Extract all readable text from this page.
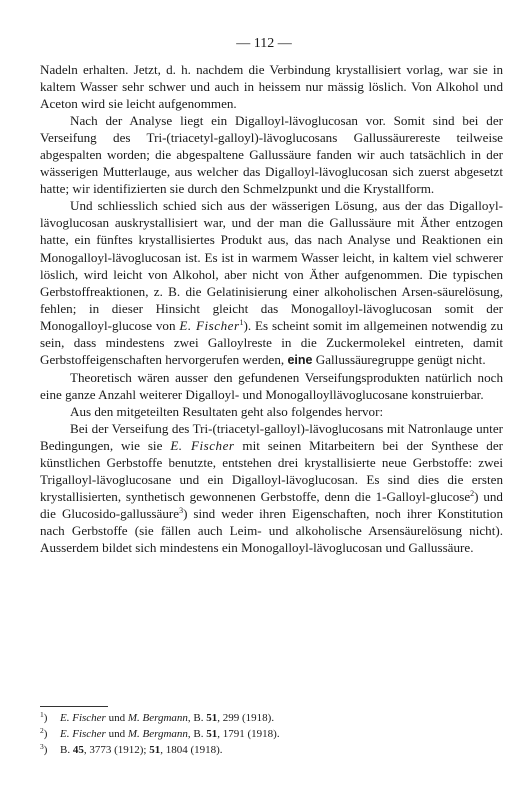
— 112 —

Nadeln erhalten. Jetzt, d. h. nachdem die Verbindung krystallisiert vorlag, war sie in kaltem Wasser sehr schwer und auch in heissem nur mässig löslich. Von Alkohol und Aceton wird sie leicht aufgenommen.

Nach der Analyse liegt ein Digalloyl-lävoglucosan vor. Somit sind bei der Verseifung des Tri-(triacetyl-galloyl)-lävoglucosans Gallussäurereste teilweise abgespalten worden; die abgespaltene Gallussäure fanden wir auch tatsächlich in der wässerigen Mutterlauge, aus welcher das Digalloyl-lävoglucosan sich zuerst abgesetzt hatte; wir identifizierten sie durch den Schmelzpunkt und die Krystallform.

Und schliesslich schied sich aus der wässerigen Lösung, aus der das Digalloyl-lävoglucosan auskrystallisiert war, und der man die Gallussäure mit Äther entzogen hatte, ein fünftes krystallisiertes Produkt aus, das nach Analyse und Reaktionen ein Monogalloyl-lävoglucosan ist. Es ist in warmem Wasser leicht, in kaltem viel schwerer löslich, wird leicht von Alkohol, aber nicht von Äther aufgenommen. Die typischen Gerbstoffreaktionen, z. B. die Gelatinisierung einer alkoholischen Arsen-säurelösung, fehlen; in dieser Hinsicht gleicht das Monogalloyl-lävoglucosan somit der Monogalloyl-glucose von E. Fischer$^1$). Es scheint somit im allgemeinen notwendig zu sein, dass mindestens zwei Galloylreste in die Zuckermolekel eintreten, damit Gerbstoffeigenschaften hervorgerufen werden, eine Gallussäuregruppe genügt nicht.

Theoretisch wären ausser den gefundenen Verseifungsprodukten natürlich noch eine ganze Anzahl weiterer Digalloyl- und Monogalloyllävoglucosane konstruierbar.

Aus den mitgeteilten Resultaten geht also folgendes hervor:

Bei der Verseifung des Tri-(triacetyl-galloyl)-lävoglucosans mit Natronlauge unter Bedingungen, wie sie E. Fischer mit seinen Mitarbeitern bei der Synthese der künstlichen Gerbstoffe benutzte, entstehen drei krystallisierte neue Gerbstoffe: zwei Trigalloyl-lävoglucosane und ein Digalloyl-lävoglucosan. Es sind dies die ersten krystallisierten, synthetisch gewonnenen Gerbstoffe, denn die 1-Galloyl-glucose$^2$) und die Glucosido-gallussäure$^3$) sind weder ihren Eigenschaften, noch ihrer Konstitution nach Gerbstoffe (sie fällen auch Leim- und alkoholische Arsensäurelösung nicht). Ausserdem bildet sich mindestens ein Monogalloyl-lävoglucosan und Gallussäure.

$^1$) E. Fischer und M. Bergmann, B. 51, 299 (1918).
$^2$) E. Fischer und M. Bergmann, B. 51, 1791 (1918).
$^3$) B. 45, 3773 (1912); 51, 1804 (1918).
